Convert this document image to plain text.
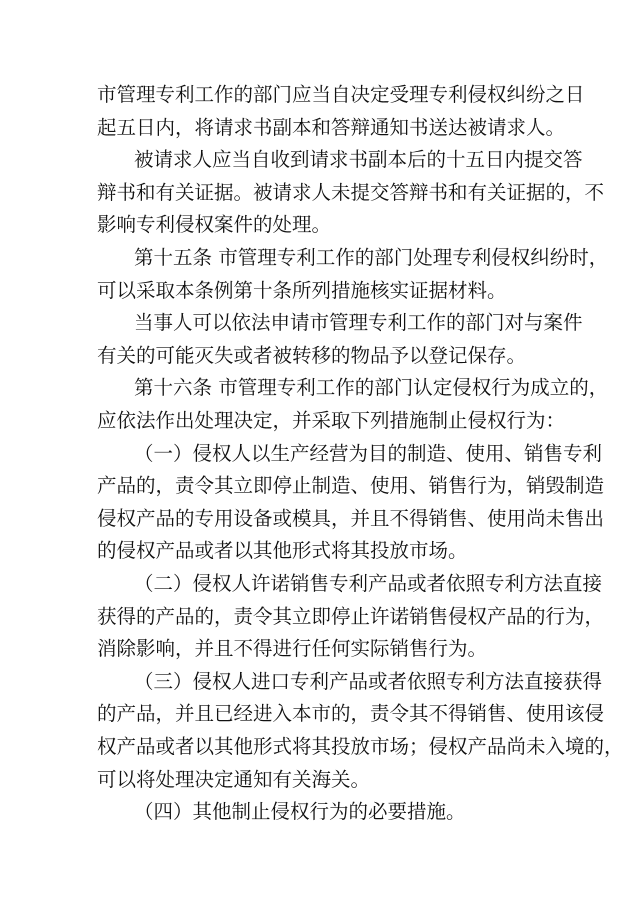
市管理专利工作的部门应当自决定受理专利侵权纠纷之日
起五日内，将请求书副本和答辩通知书送达被请求人。
被请求人应当自收到请求书副本后的十五日内提交答
辩书和有关证据。被请求人未提交答辩书和有关证据的，不
影响专利侵权案件的处理。
第十五条 市管理专利工作的部门处理专利侵权纠纷时，
可以采取本条例第十条所列措施核实证据材料。
当事人可以依法申请市管理专利工作的部门对与案件
有关的可能灭失或者被转移的物品予以登记保存。
第十六条 市管理专利工作的部门认定侵权行为成立的，
应依法作出处理决定，并采取下列措施制止侵权行为：
（一）侵权人以生产经营为目的制造、使用、销售专利
产品的，责令其立即停止制造、使用、销售行为，销毁制造
侵权产品的专用设备或模具，并且不得销售、使用尚未售出
的侵权产品或者以其他形式将其投放市场。
（二）侵权人许诺销售专利产品或者依照专利方法直接
获得的产品的，责令其立即停止许诺销售侵权产品的行为，
消除影响，并且不得进行任何实际销售行为。
（三）侵权人进口专利产品或者依照专利方法直接获得
的产品，并且已经进入本市的，责令其不得销售、使用该侵
权产品或者以其他形式将其投放市场；侵权产品尚未入境的，
可以将处理决定通知有关海关。
（四）其他制止侵权行为的必要措施。
